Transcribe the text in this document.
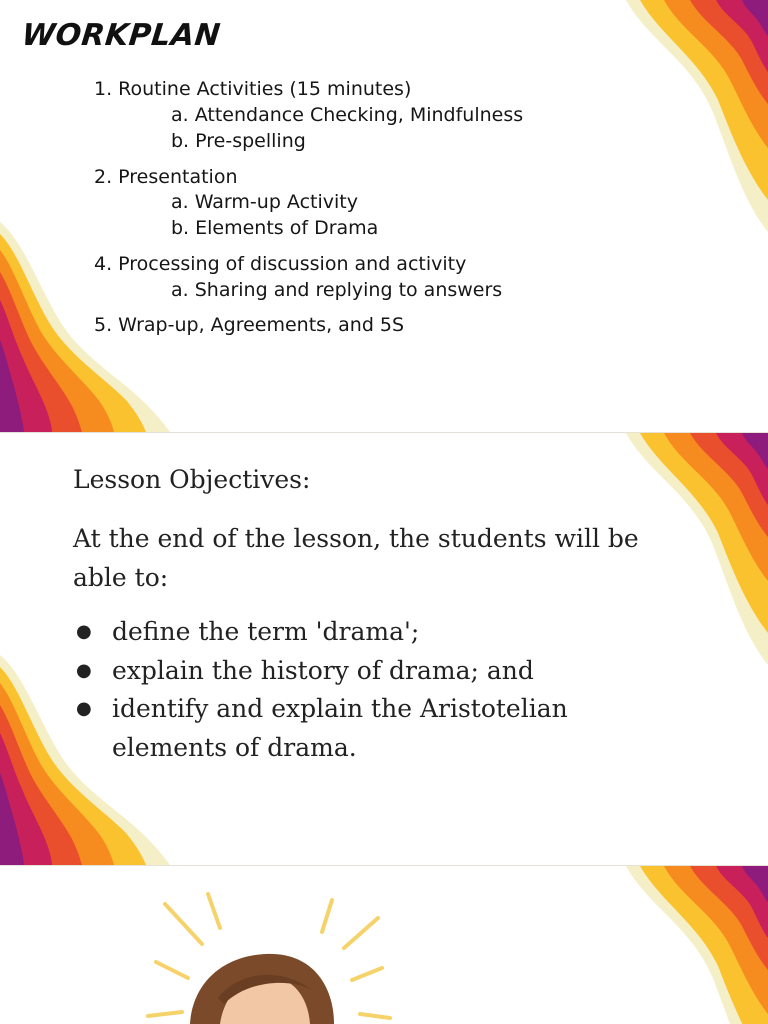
WORKPLAN
1. Routine Activities (15 minutes)
a. Attendance Checking, Mindfulness
b. Pre-spelling
2. Presentation
a. Warm-up Activity
b. Elements of Drama
4. Processing of discussion and activity
a. Sharing and replying to answers
5. Wrap-up, Agreements, and 5S
Lesson Objectives:
At the end of the lesson, the students will be able to:
● define the term 'drama';
● explain the history of drama; and
● identify and explain the Aristotelian elements of drama.
